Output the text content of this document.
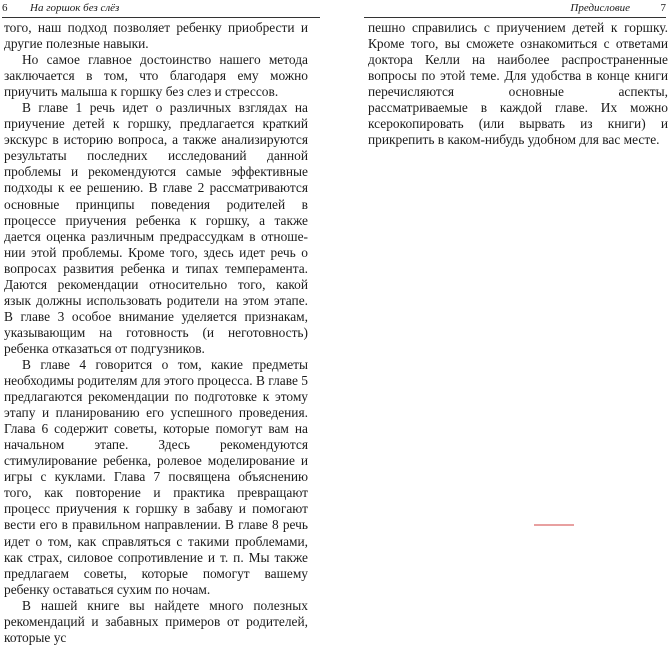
6 На горшок без слёз

того, наш подход позволяет ребенку приобрести и другие полезные навыки.

Но самое главное достоинство нашего метода заключается в том, что благодаря ему можно приучить малыша к горшку без слез и стрессов.

В главе 1 речь идет о различных взглядах на приучение детей к горшку, предлагается краткий экскурс в историю вопроса, а также анализируются результаты последних исследований данной проблемы и рекомендуются самые эффективные подходы к ее решению. В главе 2 рассматриваются основные принципы поведения родителей в процессе приучения ребенка к горшку, а также дается оценка различным предрассудкам в отношении этой проблемы. Кроме того, здесь идет речь о вопросах развития ребенка и типах темперамента. Даются рекомендации относительно того, какой язык должны использовать родители на этом этапе. В главе 3 особое внимание уделяется признакам, указывающим на готовность (и неготовность) ребенка отказаться от подгузников.

В главе 4 говорится о том, какие предметы необходимы родителям для этого процесса. В главе 5 предлагаются рекомендации по подготовке к этому этапу и планированию его успешного проведения. Глава 6 содержит советы, которые помогут вам на начальном этапе. Здесь рекомендуются стимулирование ребенка, ролевое моделирование и игры с куклами. Глава 7 посвящена объяснению того, как повторение и практика превращают процесс приучения к горшку в забаву и помогают вести его в правильном направлении. В главе 8 речь идет о том, как справляться с такими проблемами, как страх, силовое сопротивление и т. п. Мы также предлагаем советы, которые помогут вашему ребенку оставаться сухим по ночам.

В нашей книге вы найдете много полезных рекомендаций и забавных примеров от родителей, которые ус

Предисловие	7

пешно справились с приучением детей к горшку. Кроме того, вы сможете ознакомиться с ответами доктора Келли на наиболее распространенные вопросы по этой теме. Для удобства в конце книги перечисляются основные аспекты, рассматриваемые в каждой главе. Их можно ксерокопировать (или вырвать из книги) и прикрепить в каком-нибудь удобном для вас месте.
